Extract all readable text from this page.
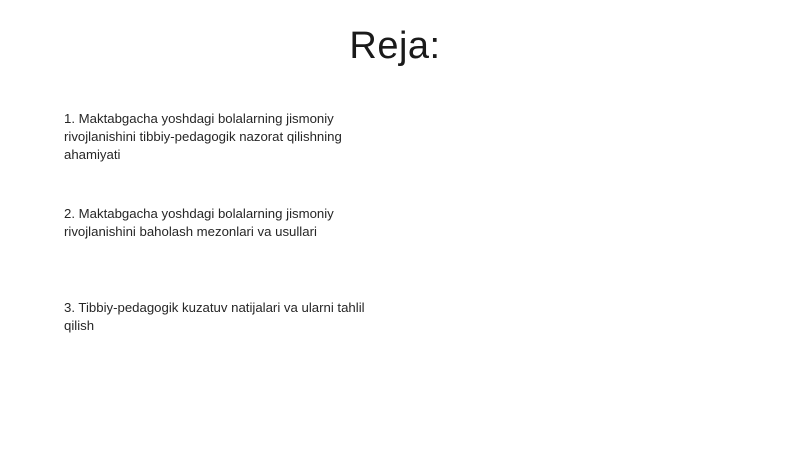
Reja:
1. Maktabgacha yoshdagi bolalarning jismoniy rivojlanishini tibbiy-pedagogik nazorat qilishning ahamiyati
2. Maktabgacha yoshdagi bolalarning jismoniy rivojlanishini baholash mezonlari va usullari
3. Tibbiy-pedagogik kuzatuv natijalari va ularni tahlil qilish
